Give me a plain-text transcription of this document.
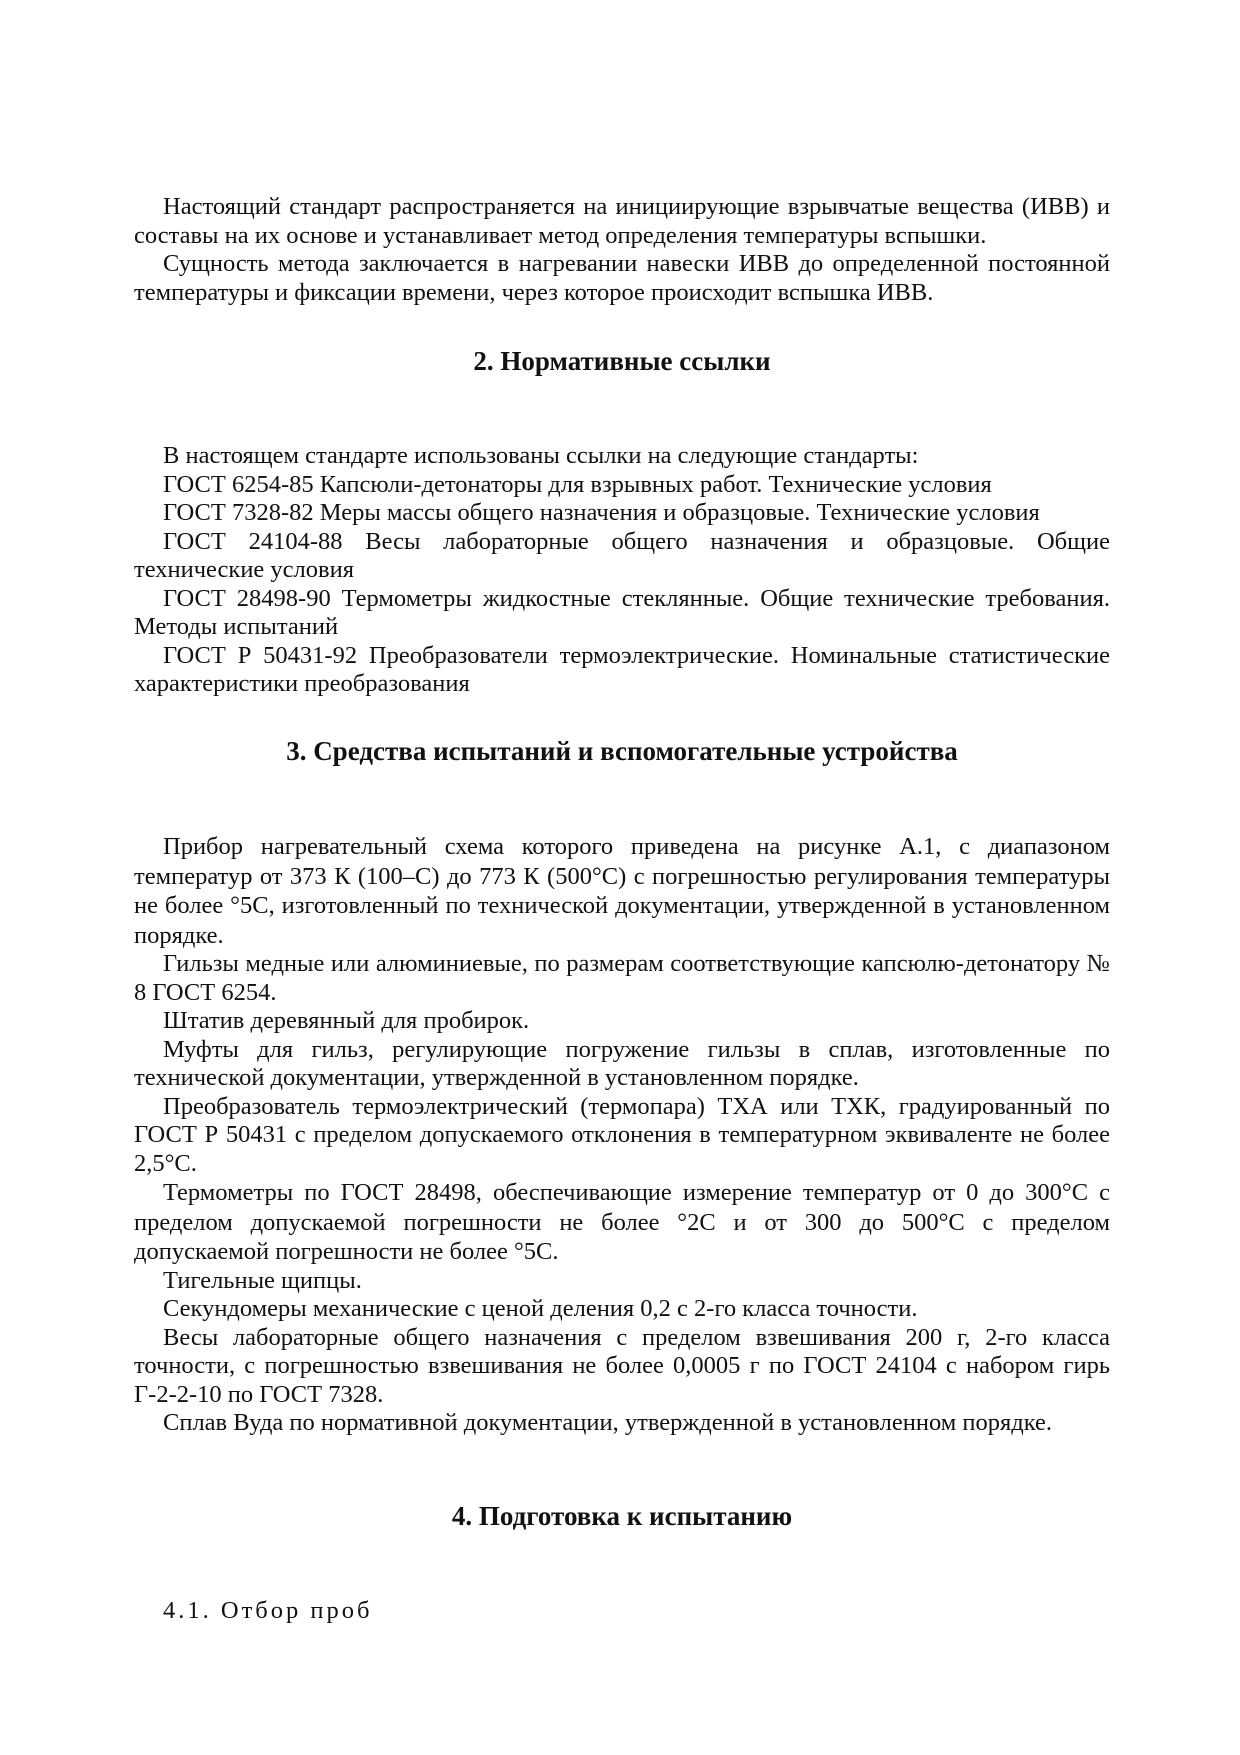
Настоящий стандарт распространяется на инициирующие взрывчатые вещества (ИВВ) и составы на их основе и устанавливает метод определения температуры вспышки.

Сущность метода заключается в нагревании навески ИВВ до определенной постоянной температуры и фиксации времени, через которое происходит вспышка ИВВ.

2. Нормативные ссылки

В настоящем стандарте использованы ссылки на следующие стандарты:

ГОСТ 6254-85 Капсюли-детонаторы для взрывных работ. Технические условия

ГОСТ 7328-82 Меры массы общего назначения и образцовые. Технические условия

ГОСТ 24104-88 Весы лабораторные общего назначения и образцовые. Общие технические условия

ГОСТ 28498-90 Термометры жидкостные стеклянные. Общие технические требования. Методы испытаний

ГОСТ Р 50431-92 Преобразователи термоэлектрические. Номинальные статистические характеристики преобразования

3. Средства испытаний и вспомогательные устройства

Прибор нагревательный схема которого приведена на рисунке А.1, с диапазоном температур от 373 К (100–С) до 773 К (500°С) с погрешностью регулирования температуры не более °5С, изготовленный по технической документации, утвержденной в установленном порядке.

Гильзы медные или алюминиевые, по размерам соответствующие капсюлю-детонатору № 8 ГОСТ 6254.

Штатив деревянный для пробирок.

Муфты для гильз, регулирующие погружение гильзы в сплав, изготовленные по технической документации, утвержденной в установленном порядке.

Преобразователь термоэлектрический (термопара) ТХА или ТХК, градуированный по ГОСТ Р 50431 с пределом допускаемого отклонения в температурном эквиваленте не более 2,5°С.

Термометры по ГОСТ 28498, обеспечивающие измерение температур от 0 до 300°С с пределом допускаемой погрешности не более °2С и от 300 до 500°С с пределом допускаемой погрешности не более °5С.

Тигельные щипцы.

Секундомеры механические с ценой деления 0,2 с 2-го класса точности.

Весы лабораторные общего назначения с пределом взвешивания 200 г, 2-го класса точности, с погрешностью взвешивания не более 0,0005 г по ГОСТ 24104 с набором гирь Г-2-2-10 по ГОСТ 7328.

Сплав Вуда по нормативной документации, утвержденной в установленном порядке.

4. Подготовка к испытанию

4.1. Отбор проб
